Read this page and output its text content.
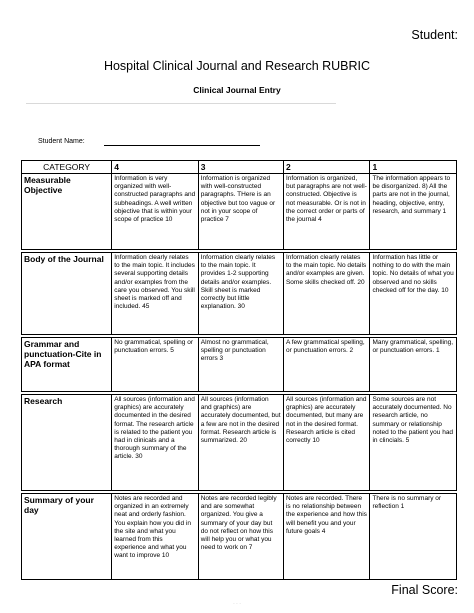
Student:
Hospital Clinical Journal and Research RUBRIC
Clinical Journal Entry
Student Name:
CATEGORY	4	3	2	1
Measurable Objective	Information is very organized with well-constructed paragraphs and subheadings. A well written objective that is within your scope of practice 10	Information is organized with well-constructed paragraphs. THere is an objective but too vague or not in your scope of practice 7	Information is organized, but paragraphs are not well-constructed. Objective is not measurable. Or is not in the correct order or parts of the journal 4	The information appears to be disorganized. 8) All the parts are not in the journal, heading, objective, entry, research, and summary 1

Body of the Journal	Information clearly relates to the main topic. It includes several supporting details and/or examples from the care you observed. You skill sheet is marked off and included. 45	Information clearly relates to the main topic. It provides 1-2 supporting details and/or examples. Skill sheet is marked correctly but little explanation. 30	Information clearly relates to the main topic. No details and/or examples are given. Some skills checked off. 20	Information has little or nothing to do with the main topic. No details of what you observed and no skills checked off for the day. 10

Grammar and punctuation-Cite in APA format	No grammatical, spelling or punctuation errors. 5	Almost no grammatical, spelling or punctuation errors 3	A few grammatical spelling, or punctuation errors. 2	Many grammatical, spelling, or punctuation errors. 1

Research	All sources (information and graphics) are accurately documented in the desired format. The research article is related to the patient you had in clinicals and a thorough summary of the article. 30	All sources (information and graphics) are accurately documented, but a few are not in the desired format. Research article is summarized. 20	All sources (information and graphics) are accurately documented, but many are not in the desired format. Research article is cited correctly 10	Some sources are not accurately documented. No research article, no summary or relationship noted to the patient you had in clincials. 5

Summary of your day	Notes are recorded and organized in an extremely neat and orderly fashion. You explain how you did in the site and what you learned from this experience and what you want to improve 10	Notes are recorded legibly and are somewhat organized. You give a summary of your day but do not reflect on how this will help you or what you need to work on 7	Notes are recorded. There is no relationship between the experience and how this will benefit you and your future goals 4	There is no summary or reflection 1
Final Score:
· · ·
